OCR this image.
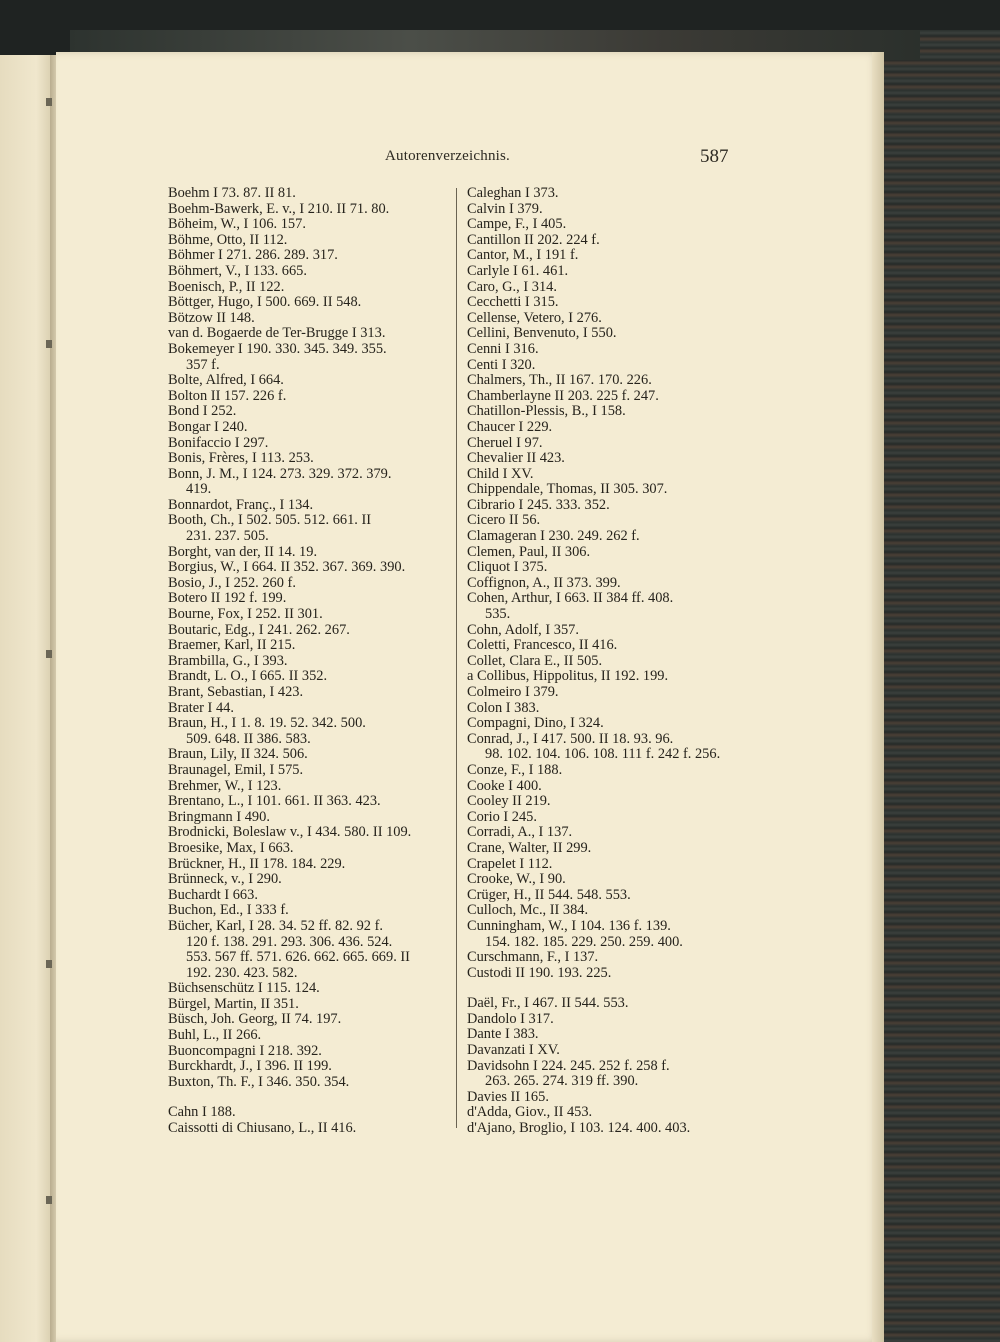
Autorenverzeichnis.	587
Boehm I 73. 87. II 81.
Boehm-Bawerk, E. v., I 210. II 71. 80.
Böheim, W., I 106. 157.
Böhme, Otto, II 112.
Böhmer I 271. 286. 289. 317.
Böhmert, V., I 133. 665.
Boenisch, P., II 122.
Böttger, Hugo, I 500. 669. II 548.
Bötzow II 148.
van d. Bogaerde de Ter-Brugge I 313.
Bokemeyer I 190. 330. 345. 349. 355.
357 f.
Bolte, Alfred, I 664.
Bolton II 157. 226 f.
Bond I 252.
Bongar I 240.
Bonifaccio I 297.
Bonis, Frères, I 113. 253.
Bonn, J. M., I 124. 273. 329. 372. 379.
419.
Bonnardot, Franç., I 134.
Booth, Ch., I 502. 505. 512. 661. II
231. 237. 505.
Borght, van der, II 14. 19.
Borgius, W., I 664. II 352. 367. 369. 390.
Bosio, J., I 252. 260 f.
Botero II 192 f. 199.
Bourne, Fox, I 252. II 301.
Boutaric, Edg., I 241. 262. 267.
Braemer, Karl, II 215.
Brambilla, G., I 393.
Brandt, L. O., I 665. II 352.
Brant, Sebastian, I 423.
Brater I 44.
Braun, H., I 1. 8. 19. 52. 342. 500.
509. 648. II 386. 583.
Braun, Lily, II 324. 506.
Braunagel, Emil, I 575.
Brehmer, W., I 123.
Brentano, L., I 101. 661. II 363. 423.
Bringmann I 490.
Brodnicki, Boleslaw v., I 434. 580. II 109.
Broesike, Max, I 663.
Brückner, H., II 178. 184. 229.
Brünneck, v., I 290.
Buchardt I 663.
Buchon, Ed., I 333 f.
Bücher, Karl, I 28. 34. 52 ff. 82. 92 f.
120 f. 138. 291. 293. 306. 436. 524.
553. 567 ff. 571. 626. 662. 665. 669. II
192. 230. 423. 582.
Büchsenschütz I 115. 124.
Bürgel, Martin, II 351.
Büsch, Joh. Georg, II 74. 197.
Buhl, L., II 266.
Buoncompagni I 218. 392.
Burckhardt, J., I 396. II 199.
Buxton, Th. F., I 346. 350. 354.
Cahn I 188.
Caissotti di Chiusano, L., II 416.
Caleghan I 373.
Calvin I 379.
Campe, F., I 405.
Cantillon II 202. 224 f.
Cantor, M., I 191 f.
Carlyle I 61. 461.
Caro, G., I 314.
Cecchetti I 315.
Cellense, Vetero, I 276.
Cellini, Benvenuto, I 550.
Cenni I 316.
Centi I 320.
Chalmers, Th., II 167. 170. 226.
Chamberlayne II 203. 225 f. 247.
Chatillon-Plessis, B., I 158.
Chaucer I 229.
Cheruel I 97.
Chevalier II 423.
Child I XV.
Chippendale, Thomas, II 305. 307.
Cibrario I 245. 333. 352.
Cicero II 56.
Clamageran I 230. 249. 262 f.
Clemen, Paul, II 306.
Cliquot I 375.
Coffignon, A., II 373. 399.
Cohen, Arthur, I 663. II 384 ff. 408.
535.
Cohn, Adolf, I 357.
Coletti, Francesco, II 416.
Collet, Clara E., II 505.
a Collibus, Hippolitus, II 192. 199.
Colmeiro I 379.
Colon I 383.
Compagni, Dino, I 324.
Conrad, J., I 417. 500. II 18. 93. 96.
98. 102. 104. 106. 108. 111 f. 242 f. 256.
Conze, F., I 188.
Cooke I 400.
Cooley II 219.
Corio I 245.
Corradi, A., I 137.
Crane, Walter, II 299.
Crapelet I 112.
Crooke, W., I 90.
Crüger, H., II 544. 548. 553.
Culloch, Mc., II 384.
Cunningham, W., I 104. 136 f. 139.
154. 182. 185. 229. 250. 259. 400.
Curschmann, F., I 137.
Custodi II 190. 193. 225.
Daël, Fr., I 467. II 544. 553.
Dandolo I 317.
Dante I 383.
Davanzati I XV.
Davidsohn I 224. 245. 252 f. 258 f.
263. 265. 274. 319 ff. 390.
Davies II 165.
d'Adda, Giov., II 453.
d'Ajano, Broglio, I 103. 124. 400. 403.
